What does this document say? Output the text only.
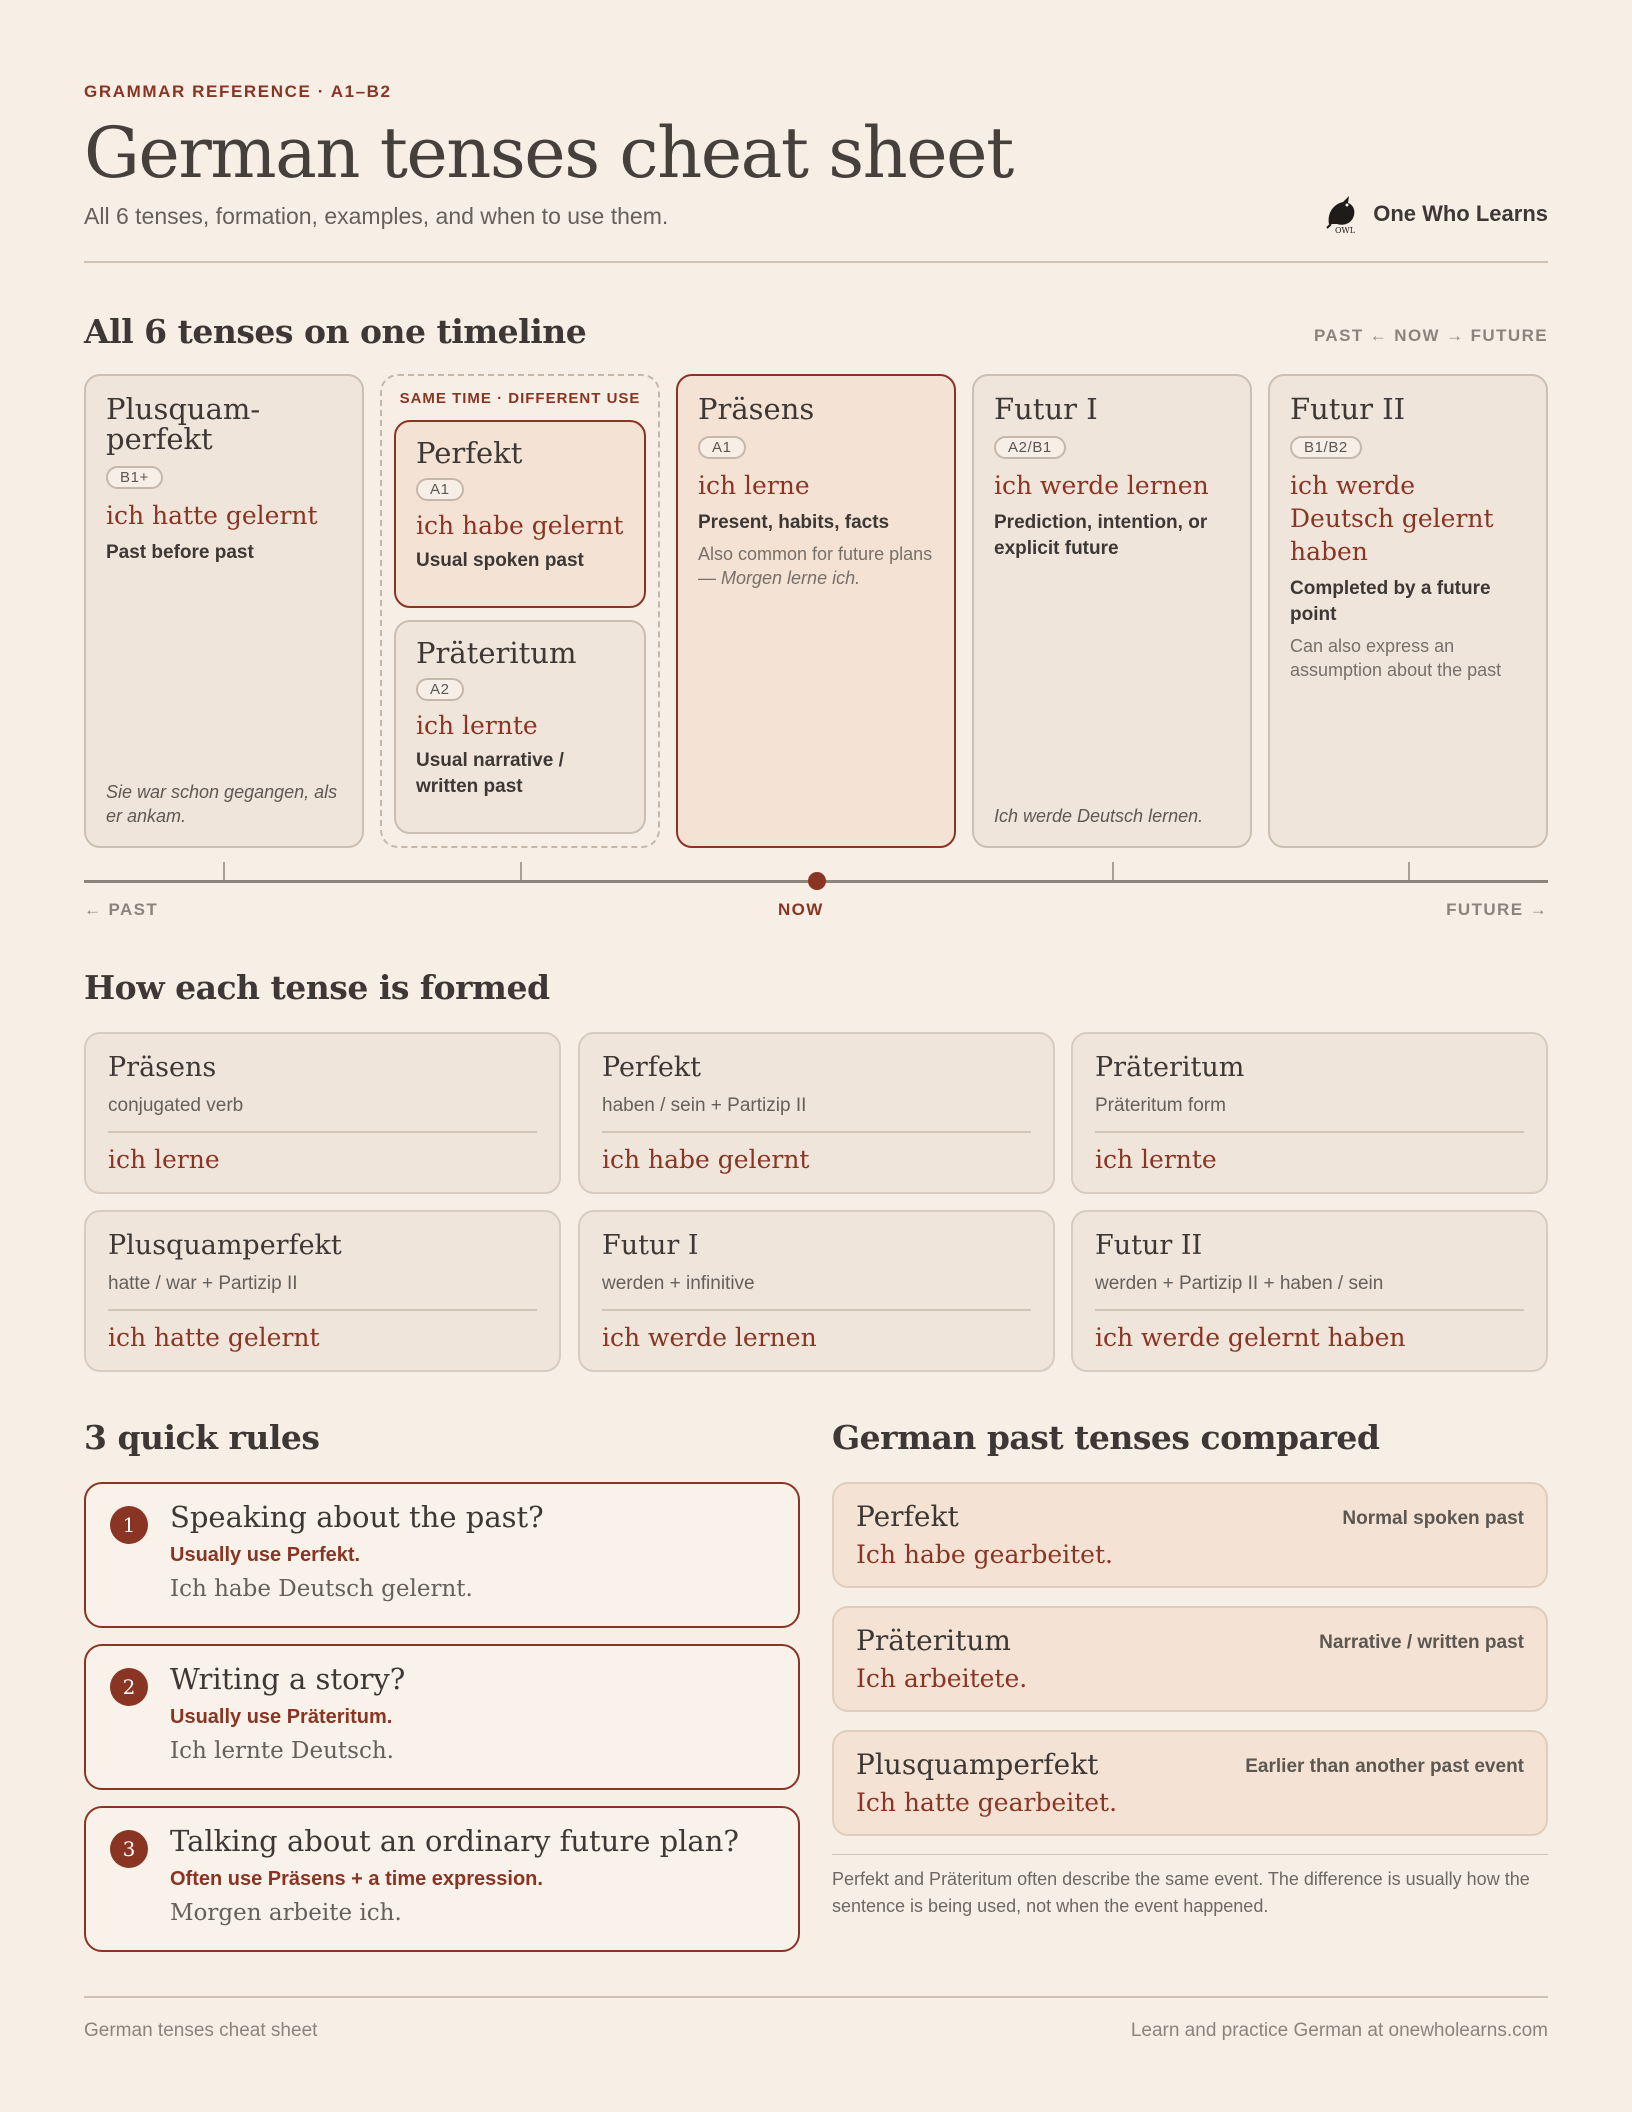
GRAMMAR REFERENCE · A1–B2
German tenses cheat sheet
All 6 tenses, formation, examples, and when to use them.
OWL
One Who Learns
All 6 tenses on one timeline	PAST ← NOW → FUTURE
Plusquam-
perfekt
B1+
ich hatte gelernt
Past before past
Sie war schon gegangen, als er ankam.
SAME TIME · DIFFERENT USE
Perfekt
A1
ich habe gelernt
Usual spoken past
Präteritum
A2
ich lernte
Usual narrative / written past
Präsens
A1
ich lerne
Present, habits, facts
Also common for future plans — Morgen lerne ich.
Futur I
A2/B1
ich werde lernen
Prediction, intention, or explicit future
Ich werde Deutsch lernen.
Futur II
B1/B2
ich werde Deutsch gelernt haben
Completed by a future point
Can also express an assumption about the past
← PAST	NOW	FUTURE →
How each tense is formed
Präsens
conjugated verb
ich lerne
Perfekt
haben / sein + Partizip II
ich habe gelernt
Präteritum
Präteritum form
ich lernte
Plusquamperfekt
hatte / war + Partizip II
ich hatte gelernt
Futur I
werden + infinitive
ich werde lernen
Futur II
werden + Partizip II + haben / sein
ich werde gelernt haben
3 quick rules
1	Speaking about the past?
Usually use Perfekt.
Ich habe Deutsch gelernt.
2	Writing a story?
Usually use Präteritum.
Ich lernte Deutsch.
3	Talking about an ordinary future plan?
Often use Präsens + a time expression.
Morgen arbeite ich.
German past tenses compared
Perfekt	Normal spoken past
Ich habe gearbeitet.
Präteritum	Narrative / written past
Ich arbeitete.
Plusquamperfekt	Earlier than another past event
Ich hatte gearbeitet.
Perfekt and Präteritum often describe the same event. The difference is usually how the sentence is being used, not when the event happened.
German tenses cheat sheet	Learn and practice German at onewholearns.com
